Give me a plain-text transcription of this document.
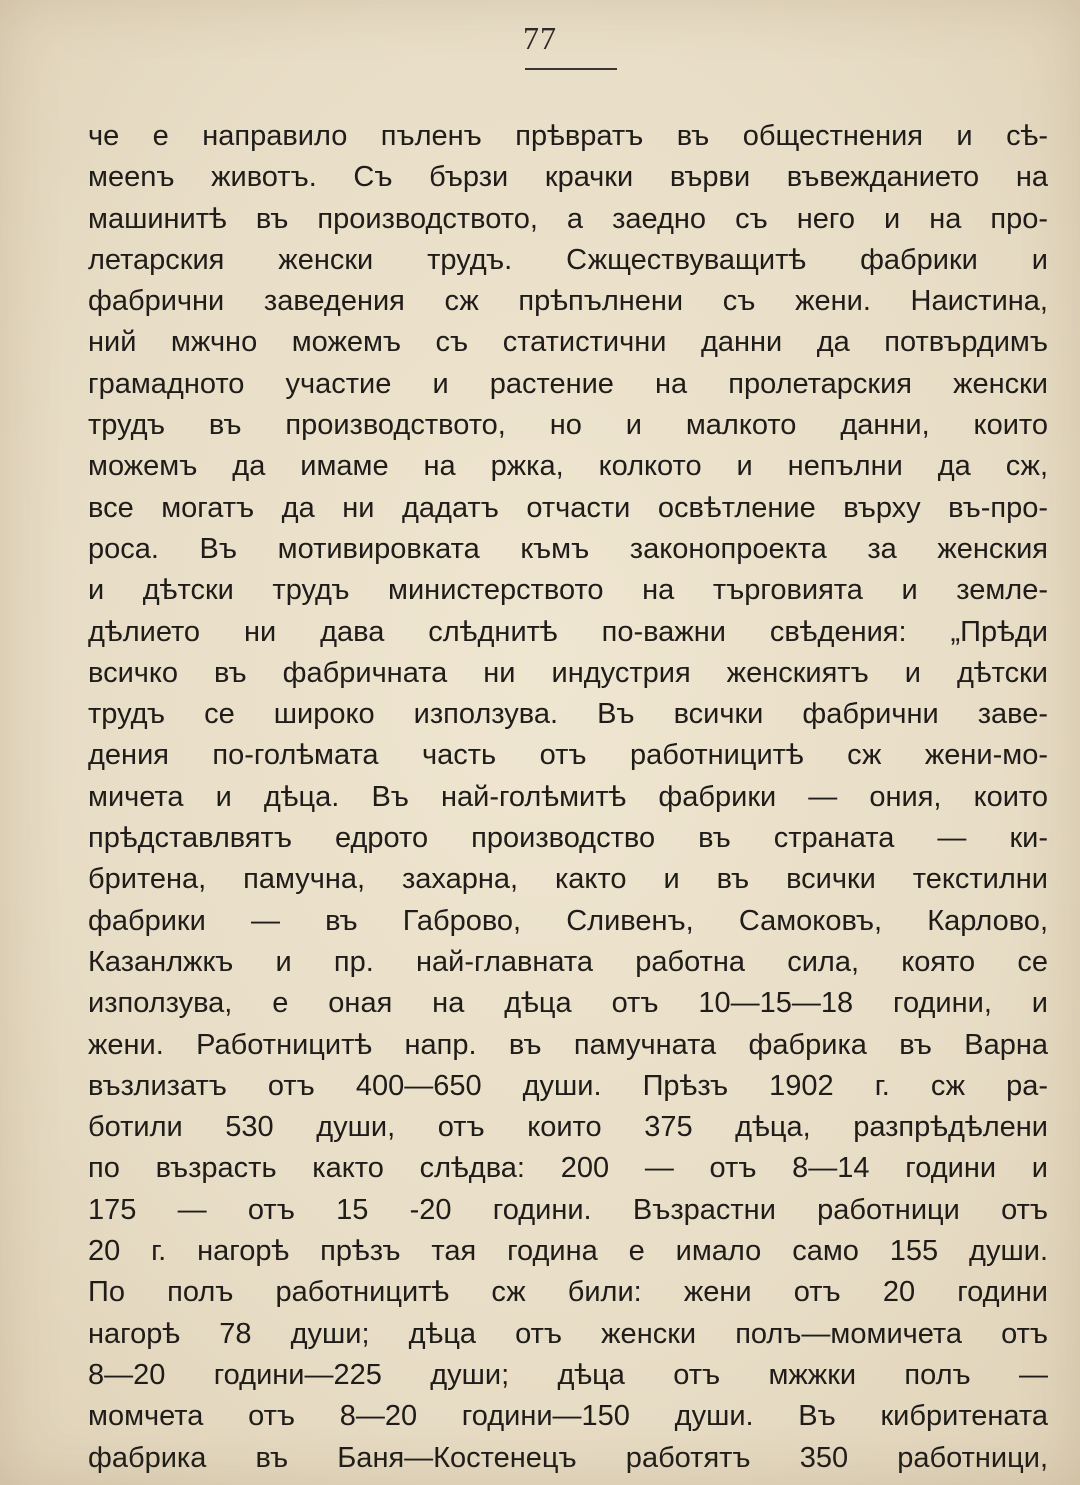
77
че е направило пъленъ прѣвратъ въ общестнения и сѣ-
мееnъ животъ. Съ бързи крачки върви въвежданието на
машинитѣ въ производството, а заедно съ него и на про-
летарския женски трудъ. Сжществуващитѣ фабрики и
фабрични заведения сж прѣпълнени съ жени. Наистина,
ний мжчно можемъ съ статистични данни да потвърдимъ
грамадното участие и растение на пролетарския женски
трудъ въ производството, но и малкото данни, които
можемъ да имаме на ржка, колкото и непълни да сж,
все могатъ да ни дадатъ отчасти освѣтление върху въ-про-
роса. Въ мотивировката къмъ законопроекта за женския
и дѣтски трудъ министерството на търговията и земле-
дѣлието ни дава слѣднитѣ по-важни свѣдения: „Прѣди
всичко въ фабричната ни индустрия женскиятъ и дѣтски
трудъ се широко използува. Въ всички фабрични заве-
дения по-голѣмата часть отъ работницитѣ сж жени-мо-
мичета и дѣца. Въ най-голѣмитѣ фабрики — ония, които
прѣдставлвятъ едрото производство въ страната — ки-
бритена, памучна, захарна, както и въ всички текстилни
фабрики — въ Габрово, Сливенъ, Самоковъ, Карлово,
Казанлжкъ и пр. най-главната работна сила, която се
използува, е оная на дѣца отъ 10—15—18 години, и
жени. Работницитѣ напр. въ памучната фабрика въ Варна
възлизатъ отъ 400—650 души. Прѣзъ 1902 г. сж ра-
ботили 530 души, отъ които 375 дѣца, разпрѣдѣлени
по възрасть както слѣдва: 200 — отъ 8—14 години и
175 — отъ 15 -20 години. Възрастни работници отъ
20 г. нагорѣ прѣзъ тая година е имало само 155 души.
По полъ работницитѣ сж били: жени отъ 20 години
нагорѣ 78 души; дѣца отъ женски полъ—момичета отъ
8—20 години—225 души; дѣца отъ мжжки полъ —
момчета отъ 8—20 години—150 души. Въ кибритената
фабрика въ Баня—Костенецъ работятъ 350 работници,
